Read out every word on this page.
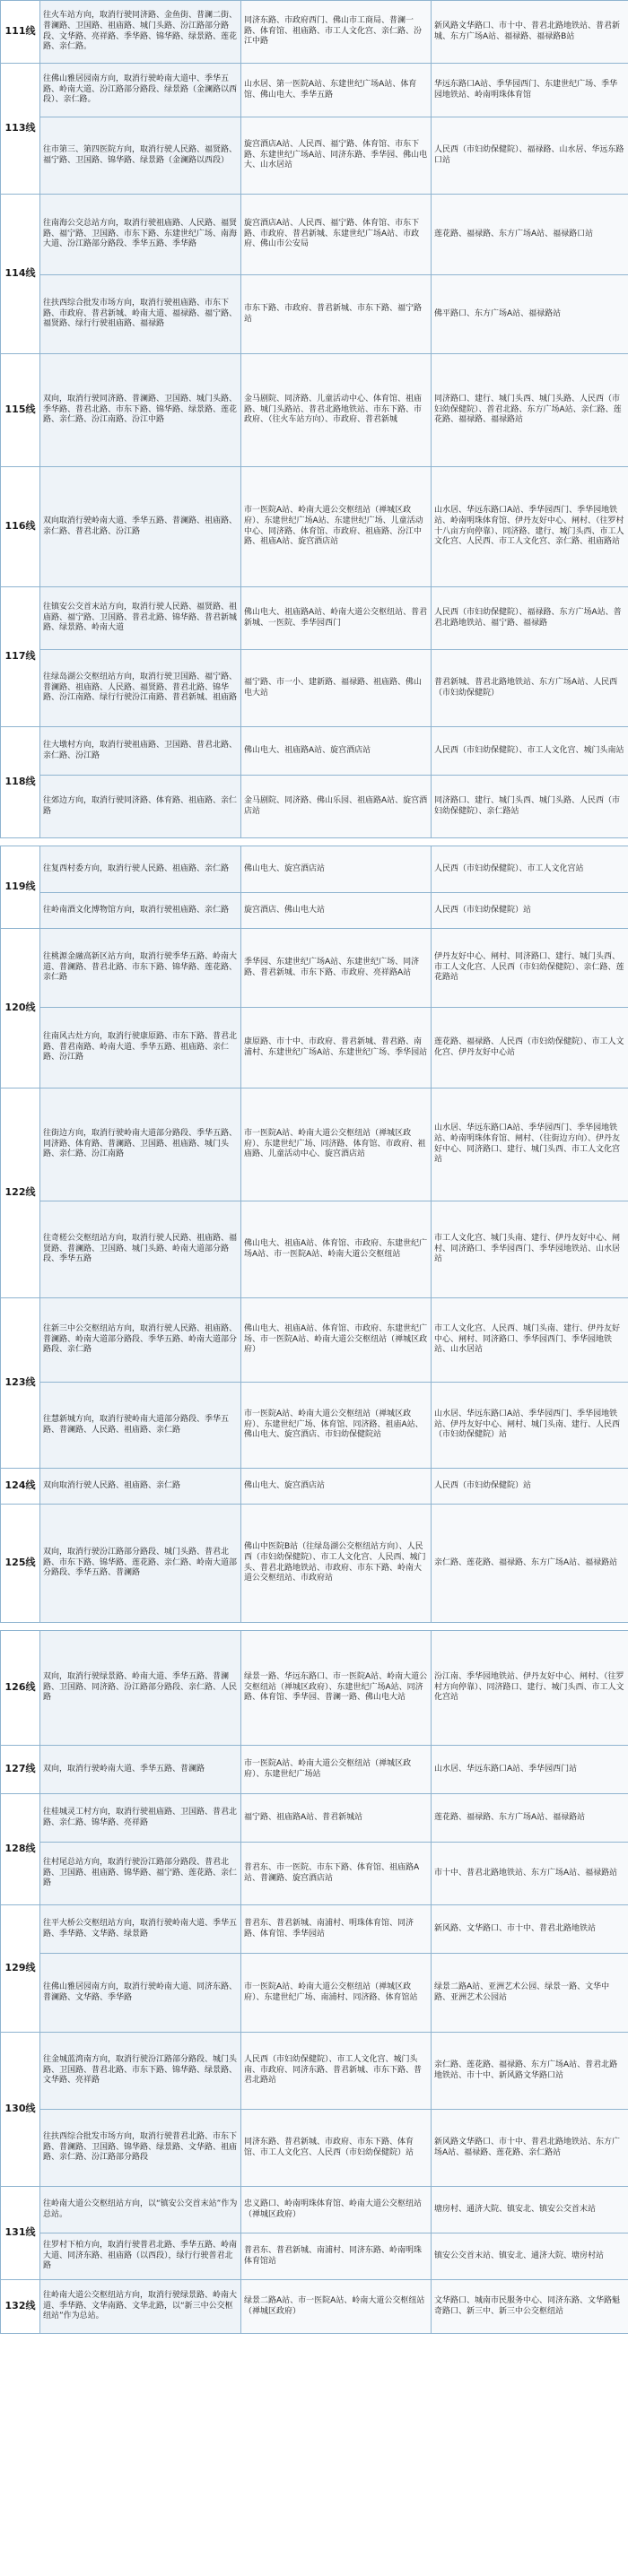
111线	往火车站方向，取消行驶同济路、金鱼街、普澜二街、普澜路、卫国路、祖庙路、城门头路、汾江路部分路段、文华路、亮祥路、季华路、锦华路、绿景路、莲花路、亲仁路。	同济东路、市政府西门、佛山市工商局、普澜一路、体育馆、祖庙路、市工人文化宫、亲仁路、汾江中路	新风路文华路口、市十中、普君北路地铁站、普君新城、东方广场A站、福禄路、福禄路B站
113线	往佛山雅居园南方向，取消行驶岭南大道中、季华五路、岭南大道、汾江路部分路段、绿景路（金澜路以西段）、亲仁路。	山水居、第一医院A站、东建世纪广场A站、体育馆、佛山电大、季华五路	华远东路口A站、季华园西门、东建世纪广场、季华园地铁站、岭南明珠体育馆
	往市第三、第四医院方向，取消行驶人民路、福贤路、福宁路、卫国路、锦华路、绿景路（金澜路以西段）	旋宫酒店A站、人民西、福宁路、体育馆、市东下路、东建世纪广场A站、同济东路、季华园、佛山电大、山水居站	人民西（市妇幼保健院）、福禄路、山水居、华远东路口站
114线	往南海公交总站方向，取消行驶祖庙路、人民路、福贤路、福宁路、卫国路、市东下路、东建世纪广场、南海大道、汾江路部分路段、季华五路、季华路	旋宫酒店A站、人民西、福宁路、体育馆、市东下路、市政府、普君新城、东建世纪广场A站、市政府、佛山市公安局	莲花路、福禄路、东方广场A站、福禄路口站
	往扶西综合批发市场方向，取消行驶祖庙路、市东下路、市政府、普君新城、岭南大道、福禄路、福宁路、福贤路、绿行行驶祖庙路、福禄路	市东下路、市政府、普君新城、市东下路、福宁路站	佛平路口、东方广场A站、福禄路站
115线	双向，取消行驶同济路、普澜路、卫国路、城门头路、季华路、普君北路、市东下路、锦华路、绿景路、莲花路、亲仁路、汾江南路、汾江中路	金马剧院、同济路、儿童活动中心、体育馆、祖庙路、城门头路站、普君北路地铁站、市东下路、市政府、（往火车站方向）、市政府、普君新城	同济路口、建行、城门头西、城门头路、人民西（市妇幼保健院）、普君北路、东方广场A站、亲仁路、莲花路、福禄路、福禄路站
116线	双向取消行驶岭南大道、季华五路、普澜路、祖庙路、亲仁路、普君北路、汾江路	市一医院A站、岭南大道公交枢纽站（禅城区政府）、东建世纪广场A站、东建世纪广场、儿童活动中心、同济路、体育馆、市政府、祖庙路、汾江中路、祖庙A站、旋宫酒店站	山水居、华远东路口A站、季华园西门、季华园地铁站、岭南明珠体育馆、伊丹友好中心、闸村、（往罗村十八亩方向停靠）、同济路、建行、城门头西、市工人文化宫、人民西、市工人文化宫、亲仁路、祖庙路站
117线	往镇安公交首末站方向，取消行驶人民路、福贤路、祖庙路、福宁路、卫国路、普君北路、锦华路、普君新城路、绿景路、岭南大道	佛山电大、祖庙路A站、岭南大道公交枢纽站、普君新城、一医院、季华园西门	人民西（市妇幼保健院）、福禄路、东方广场A站、普君北路地铁站、福宁路、福禄路
	往绿岛湖公交枢纽站方向，取消行驶卫国路、福宁路、普澜路、祖庙路、人民路、福贤路、普君北路、锦华路、汾江南路、绿行行驶汾江南路、普君新城、祖庙路	福宁路、市一小、建新路、福禄路、祖庙路、佛山电大站	普君新城、普君北路地铁站、东方广场A站、人民西（市妇幼保健院）
118线	往大墩村方向，取消行驶祖庙路、卫国路、普君北路、亲仁路、汾江路	佛山电大、祖庙路A站、旋宫酒店站	人民西（市妇幼保健院）、市工人文化宫、城门头南站
	往郊边方向，取消行驶同济路、体育路、祖庙路、亲仁路	金马剧院、同济路、佛山乐园、祖庙路A站、旋宫酒店站	同济路口、建行、城门头西、城门头路、人民西（市妇幼保健院）、亲仁路站

119线	往复西村委方向，取消行驶人民路、祖庙路、亲仁路	佛山电大、旋宫酒店站	人民西（市妇幼保健院）、市工人文化宫站
	往岭南酒文化博物馆方向，取消行驶祖庙路、亲仁路	旋宫酒店、佛山电大站	人民西（市妇幼保健院）站
120线	往桃源金融高新区站方向，取消行驶季华五路、岭南大道、普澜路、普君北路、市东下路、锦华路、莲花路、亲仁路	季华园、东建世纪广场A站、东建世纪广场、同济路、普君新城、市东下路、市政府、亮祥路A站	伊丹友好中心、闸村、同济路口、建行、城门头西、市工人文化宫、人民西（市妇幼保健院）、亲仁路、莲花路站
	往南风古灶方向，取消行驶康原路、市东下路、普君北路、普君南路、岭南大道、季华五路、祖庙路、亲仁路、汾江路	康原路、市十中、市政府、普君新城、普君路、南浦村、东建世纪广场A站、东建世纪广场、季华园站	莲花路、福禄路、人民西（市妇幼保健院）、市工人文化宫、伊丹友好中心站
122线	往街边方向，取消行驶岭南大道部分路段、季华五路、同济路、体育路、普澜路、卫国路、祖庙路、城门头路、亲仁路、汾江南路	市一医院A站、岭南大道公交枢纽站（禅城区政府）、东建世纪广场、同济路、体育馆、市政府、祖庙路、儿童活动中心、旋宫酒店站	山水居、华远东路口A站、季华园西门、季华园地铁站、岭南明珠体育馆、闸村、（往街边方向）、伊丹友好中心、同济路口、建行、城门头西、市工人文化宫站
	往奇槎公交枢纽站方向，取消行驶人民路、祖庙路、福贤路、普澜路、卫国路、城门头路、岭南大道部分路段、季华五路	佛山电大、祖庙A站、体育馆、市政府、东建世纪广场A站、市一医院A站、岭南大道公交枢纽站	市工人文化宫、城门头南、建行、伊丹友好中心、闸村、同济路口、季华园西门、季华园地铁站、山水居站
123线	往新三中公交枢纽站方向，取消行驶人民路、祖庙路、普澜路、岭南大道部分路段、季华五路、岭南大道部分路段、亲仁路	佛山电大、祖庙A站、体育馆、市政府、东建世纪广场、市一医院A站、岭南大道公交枢纽站（禅城区政府）	市工人文化宫、人民西、城门头南、建行、伊丹友好中心、闸村、同济路口、季华园西门、季华园地铁站、山水居站
	往慧新城方向，取消行驶岭南大道部分路段、季华五路、普澜路、人民路、祖庙路、亲仁路	市一医院A站、岭南大道公交枢纽站（禅城区政府）、东建世纪广场、体育馆、同济路、祖庙A站、佛山电大、旋宫酒店、市妇幼保健院站	山水居、华远东路口A站、季华园西门、季华园地铁站、伊丹友好中心、闸村、城门头南、建行、人民西（市妇幼保健院）站
124线	双向取消行驶人民路、祖庙路、亲仁路	佛山电大、旋宫酒店站	人民西（市妇幼保健院）站
125线	双向，取消行驶汾江路部分路段、城门头路、普君北路、市东下路、锦华路、莲花路、亲仁路、岭南大道部分路段、季华五路、普澜路	佛山中医院B站（往绿岛湖公交枢纽站方向）、人民西（市妇幼保健院）、市工人文化宫、人民西、城门头、普君北路地铁站、市政府、市东下路、岭南大道公交枢纽站、市政府站	亲仁路、莲花路、福禄路、东方广场A站、福禄路站

126线	双向，取消行驶绿景路、岭南大道、季华五路、普澜路、卫国路、同济路、汾江路部分路段、亲仁路、人民路	绿景一路、华远东路口、市一医院A站、岭南大道公交枢纽站（禅城区政府）、东建世纪广场A站、同济路、体育馆、季华园、普澜一路、佛山电大站	汾江南、季华园地铁站、伊丹友好中心、闸村、（往罗村方向停靠）、同济路口、建行、城门头西、市工人文化宫站
127线	双向，取消行驶岭南大道、季华五路、普澜路	市一医院A站、岭南大道公交枢纽站（禅城区政府）、东建世纪广场站	山水居、华远东路口A站、季华园西门站
128线	往桂城灵工村方向，取消行驶祖庙路、卫国路、普君北路、亲仁路、锦华路、亮祥路	福宁路、祖庙路A站、普君新城站	莲花路、福禄路、东方广场A站、福禄路站
	往村尾总站方向，取消行驶汾江路部分路段、普君北路、卫国路、祖庙路、锦华路、福宁路、莲花路、亲仁路	普君东、市一医院、市东下路、体育馆、祖庙路A站、普澜路、旋宫酒店站	市十中、普君北路地铁站、东方广场A站、福禄路站
129线	往平大桥公交枢纽站方向，取消行驶岭南大道、季华五路、季华路、文华路、绿景路	普君东、普君新城、南浦村、明珠体育馆、同济路、体育馆、季华园站	新风路、文华路口、市十中、普君北路地铁站
	往佛山雅居园南方向，取消行驶岭南大道、同济东路、普澜路、文华路、季华路	市一医院A站、岭南大道公交枢纽站（禅城区政府）、东建世纪广场、南浦村、同济路、体育馆站	绿景二路A站、亚洲艺术公园、绿景一路、文华中路、亚洲艺术公园站
130线	往金城蓝湾南方向，取消行驶汾江路部分路段、城门头路、卫国路、普君北路、市东下路、锦华路、绿景路、文华路、亮祥路	人民西（市妇幼保健院）、市工人文化宫、城门头南、市政府、同济东路、普君新城、市东下路、普君北路站	亲仁路、莲花路、福禄路、东方广场A站、普君北路地铁站、市十中、新风路文华路口站
	往扶西综合批发市场方向，取消行驶普君北路、市东下路、普澜路、卫国路、锦华路、绿景路、文华路、祖庙路、亲仁路、汾江路部分路段	同济东路、普君新城、市政府、市东下路、体育馆、市工人文化宫、人民西（市妇幼保健院）站	新风路文华路口、市十中、普君北路地铁站、东方广场A站、福禄路、莲花路、亲仁路站
131线	往岭南大道公交枢纽站方向，以“镇安公交首末站”作为总站。	忠义路口、岭南明珠体育馆、岭南大道公交枢纽站（禅城区政府）	塘房村、通济大院、镇安北、镇安公交首末站
	往罗村下柏方向，取消行驶普君北路、季华五路、岭南大道、同济东路、祖庙路（以西段），绿行行驶普君北路	普君东、普君新城、南浦村、同济东路、岭南明珠体育馆站	镇安公交首末站、镇安北、通济大院、塘房村站
132线	往岭南大道公交枢纽站方向，取消行驶绿景路、岭南大道、季华路、文华南路、文华北路，以“新三中公交枢纽站”作为总站。	绿景二路A站、市一医院A站、岭南大道公交枢纽站（禅城区政府）	文华路口、城南市民服务中心、同济东路、文华路魁奇路口、新三中、新三中公交枢纽站
